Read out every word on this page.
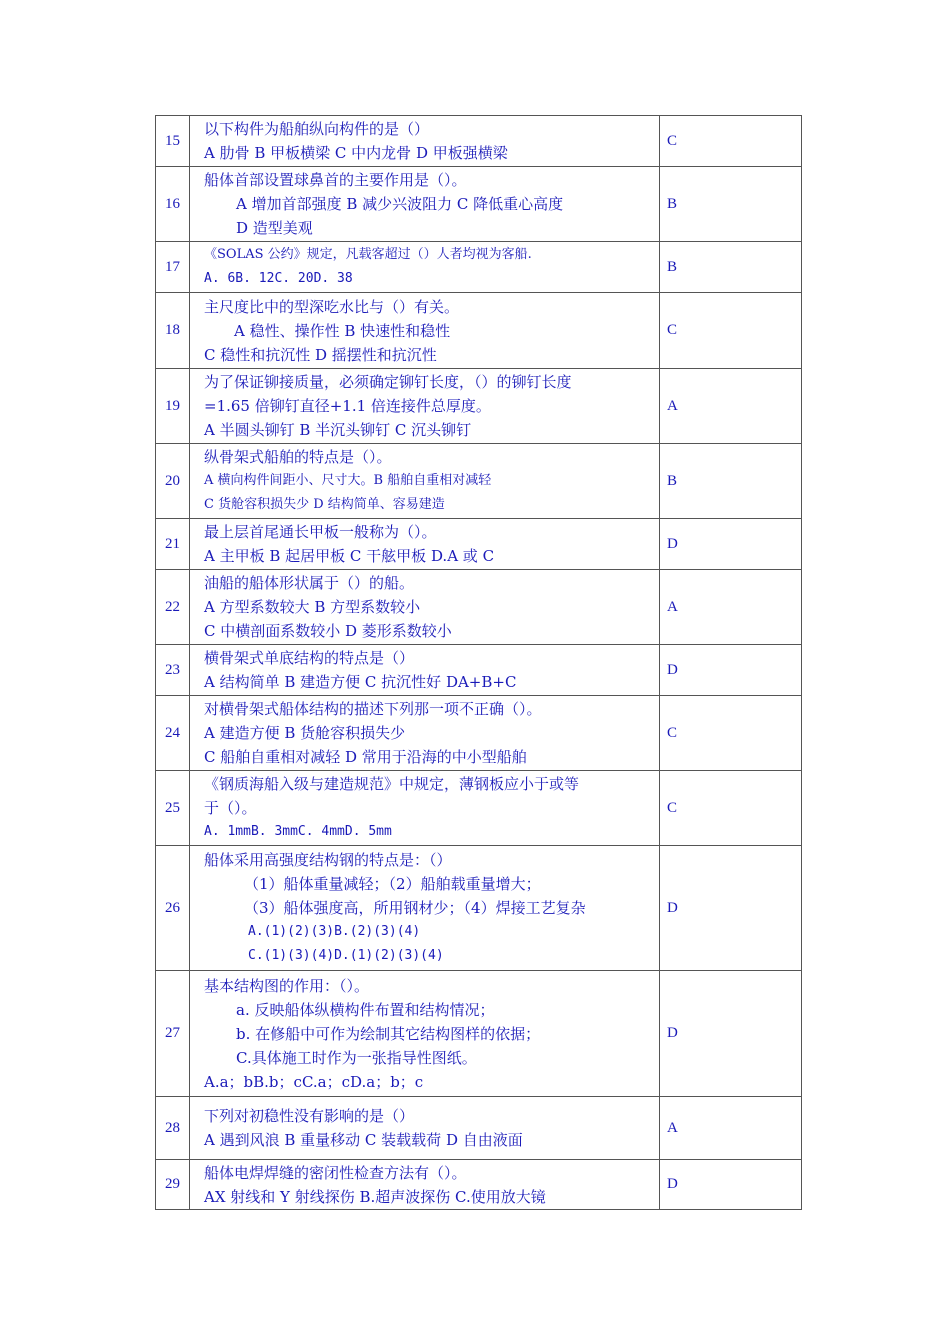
15	以下构件为船舶纵向构件的是（）
A 肋骨 B 甲板横梁 C 中内龙骨 D 甲板强横梁	C
16	船体首部设置球鼻首的主要作用是（）。
A 增加首部强度 B 减少兴波阻力 C 降低重心高度
D 造型美观	B
17	《SOLAS 公约》规定，凡载客超过（）人者均视为客船.
A. 6B. 12C. 20D. 38	B
18	主尺度比中的型深吃水比与（）有关。
A 稳性、操作性 B 快速性和稳性
C 稳性和抗沉性 D 摇摆性和抗沉性	C
19	为了保证铆接质量，必须确定铆钉长度，（）的铆钉长度
=1.65 倍铆钉直径+1.1 倍连接件总厚度。
A 半圆头铆钉 B 半沉头铆钉 C 沉头铆钉	A
20	纵骨架式船舶的特点是（）。
A 横向构件间距小、尺寸大。B 船舶自重相对减轻
C 货舱容积损失少 D 结构简单、容易建造	B
21	最上层首尾通长甲板一般称为（）。
A 主甲板 B 起居甲板 C 干舷甲板 D.A 或 C	D
22	油船的船体形状属于（）的船。
A 方型系数较大 B 方型系数较小
C 中横剖面系数较小 D 菱形系数较小	A
23	横骨架式单底结构的特点是（）
A 结构简单 B 建造方便 C 抗沉性好 DA+B+C	D
24	对横骨架式船体结构的描述下列那一项不正确（）。
A 建造方便 B 货舱容积损失少
C 船舶自重相对减轻 D 常用于沿海的中小型船舶	C
25	《钢质海船入级与建造规范》中规定，薄钢板应小于或等
于（）。
A. 1mmB. 3mmC. 4mmD. 5mm	C
26	船体采用高强度结构钢的特点是：（）
（1）船体重量减轻；（2）船舶载重量增大；
（3）船体强度高，所用钢材少；（4）焊接工艺复杂
A.(1)(2)(3)B.(2)(3)(4)
C.(1)(3)(4)D.(1)(2)(3)(4)	D
27	基本结构图的作用：（）。
a. 反映船体纵横构件布置和结构情况；
b. 在修船中可作为绘制其它结构图样的依据；
C.具体施工时作为一张指导性图纸。
A.a；bB.b；cC.a；cD.a；b；c	D
28	下列对初稳性没有影响的是（）
A 遇到风浪 B 重量移动 C 装载载荷 D 自由液面	A
29	船体电焊焊缝的密闭性检查方法有（）。
AX 射线和 Y 射线探伤 B.超声波探伤 C.使用放大镜	D
